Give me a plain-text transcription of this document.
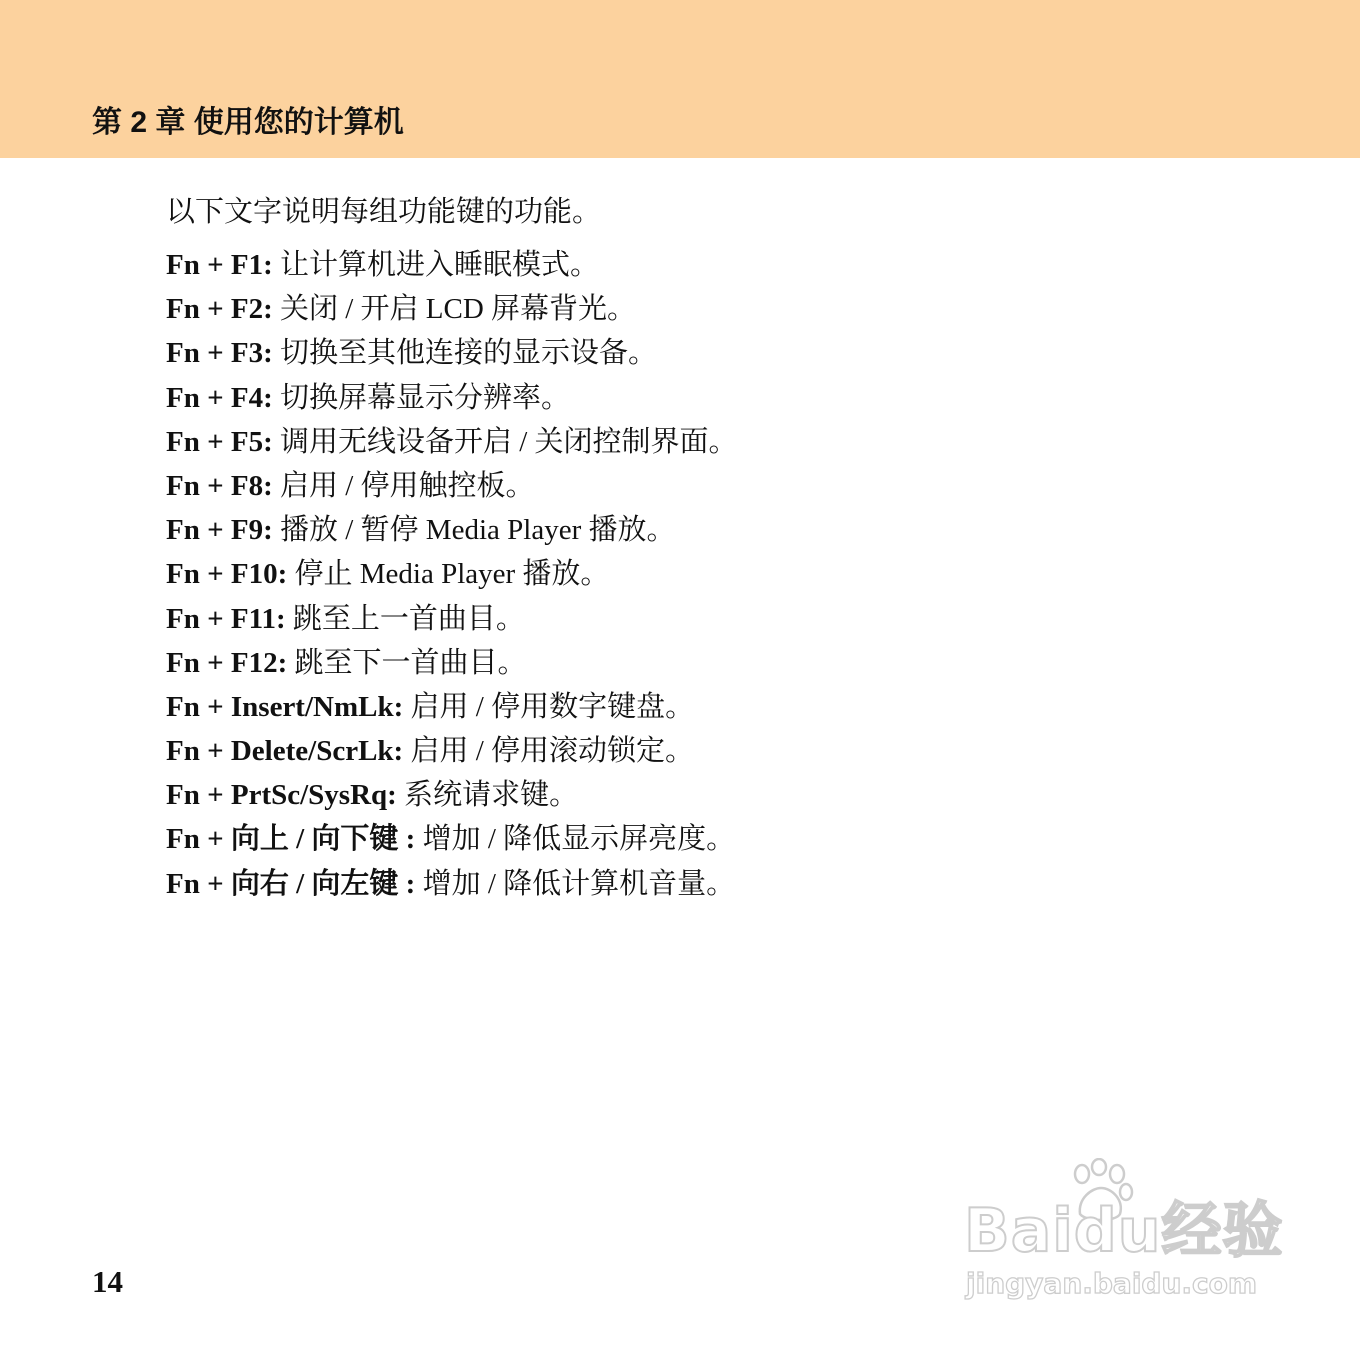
第 2 章 使用您的计算机
以下文字说明每组功能键的功能。
Fn + F1: 让计算机进入睡眠模式。
Fn + F2: 关闭 / 开启 LCD 屏幕背光。
Fn + F3: 切换至其他连接的显示设备。
Fn + F4: 切换屏幕显示分辨率。
Fn + F5: 调用无线设备开启 / 关闭控制界面。
Fn + F8: 启用 / 停用触控板。
Fn + F9: 播放 / 暂停 Media Player 播放。
Fn + F10: 停止 Media Player 播放。
Fn + F11: 跳至上一首曲目。
Fn + F12: 跳至下一首曲目。
Fn + Insert/NmLk: 启用 / 停用数字键盘。
Fn + Delete/ScrLk: 启用 / 停用滚动锁定。
Fn + PrtSc/SysRq: 系统请求键。
Fn + 向上 / 向下键 : 增加 / 降低显示屏亮度。
Fn + 向右 / 向左键 : 增加 / 降低计算机音量。
14
Baidu经验
jingyan.baidu.com
